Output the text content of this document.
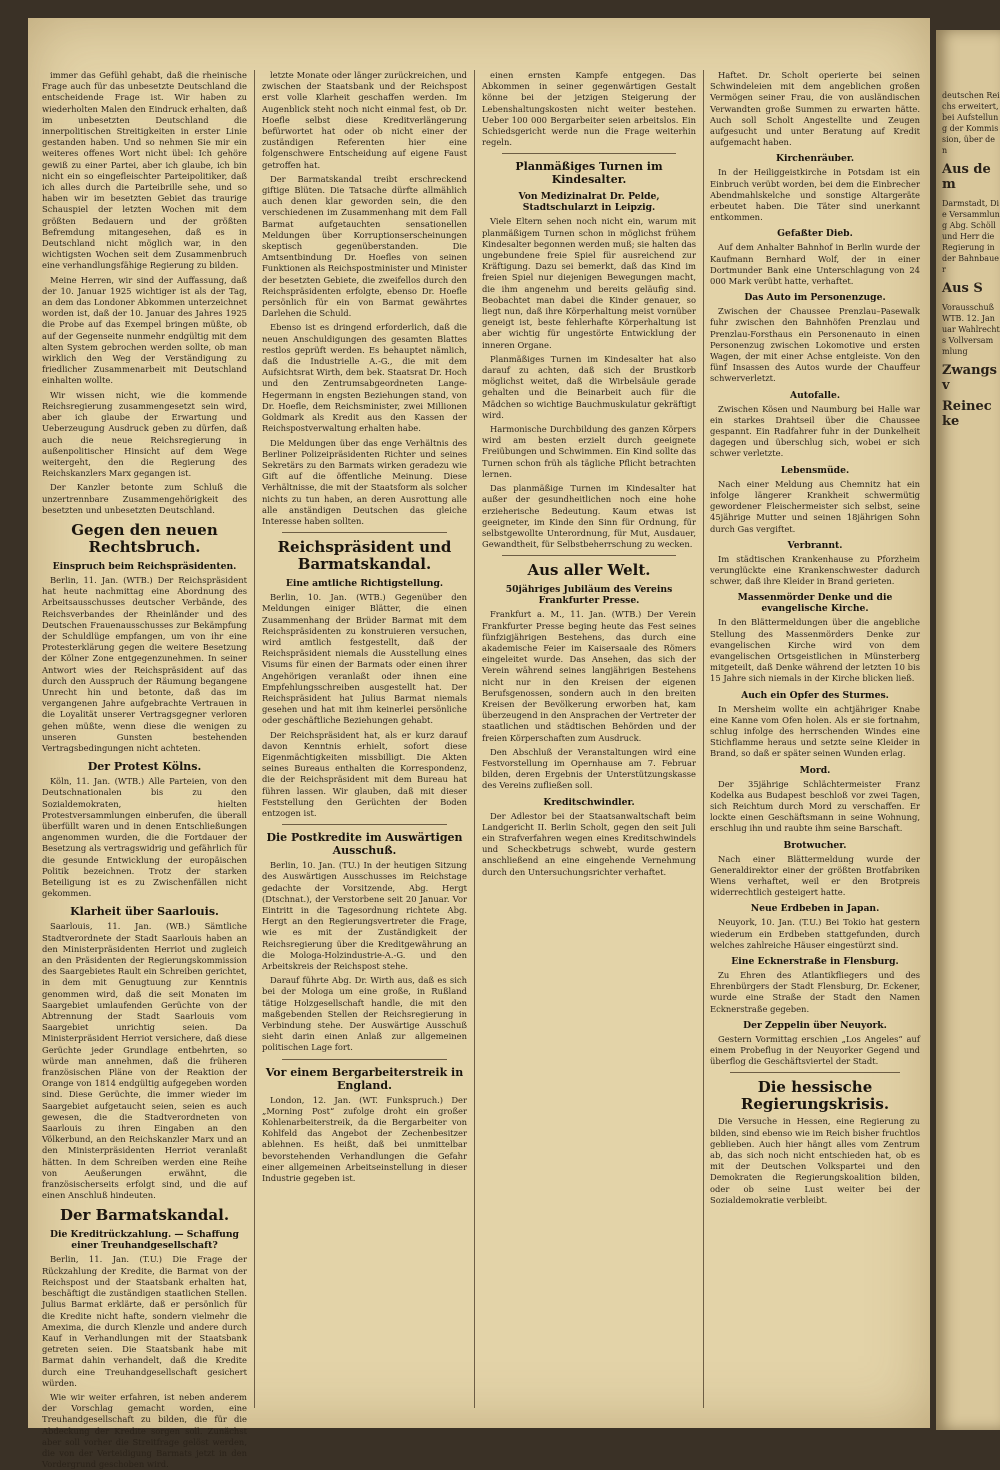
immer das Gefühl gehabt, daß die rheinische Frage auch für das unbesetzte Deutschland die entscheidende Frage ist. Wir haben zu wiederholten Malen den Eindruck erhalten, daß im unbesetzten Deutschland die innerpolitischen Streitigkeiten in erster Linie gestanden haben. Und so nehmen Sie mir ein weiteres offenes Wort nicht übel: Ich gehöre gewiß zu einer Partei, aber ich glaube, ich bin nicht ein so eingefleischter Parteipolitiker, daß ich alles durch die Parteibrille sehe, und so haben wir im besetzten Gebiet das traurige Schauspiel der letzten Wochen mit dem größten Bedauern und der größten Befremdung mitangesehen, daß es in Deutschland nicht möglich war, in den wichtigsten Wochen seit dem Zusammenbruch eine verhandlungsfähige Regierung zu bilden.

Meine Herren, wir sind der Auffassung, daß der 10. Januar 1925 wichtiger ist als der Tag, an dem das Londoner Abkommen unterzeichnet worden ist, daß der 10. Januar des Jahres 1925 die Probe auf das Exempel bringen müßte, ob auf der Gegenseite nunmehr endgültig mit dem alten System gebrochen werden sollte, ob man wirklich den Weg der Verständigung zu friedlicher Zusammenarbeit mit Deutschland einhalten wollte.

Wir wissen nicht, wie die kommende Reichsregierung zusammengesetzt sein wird, aber ich glaube der Erwartung und Ueberzeugung Ausdruck geben zu dürfen, daß auch die neue Reichsregierung in außenpolitischer Hinsicht auf dem Wege weitergeht, den die Regierung des Reichskanzlers Marx gegangen ist.

Der Kanzler betonte zum Schluß die unzertrennbare Zusammengehörigkeit des besetzten und unbesetzten Deutschland.

Gegen den neuen Rechtsbruch.
Einspruch beim Reichspräsidenten.

Berlin, 11. Jan. (WTB.) Der Reichspräsident hat heute nachmittag eine Abordnung des Arbeitsausschusses deutscher Verbände, des Reichsverbandes der Rheinländer und des Deutschen Frauenausschusses zur Bekämpfung der Schuldlüge empfangen, um von ihr eine Protesterklärung gegen die weitere Besetzung der Kölner Zone entgegenzunehmen. In seiner Antwort wies der Reichspräsident auf das durch den Ausspruch der Räumung begangene Unrecht hin und betonte, daß das im vergangenen Jahre aufgebrachte Vertrauen in die Loyalität unserer Vertragsgegner verloren gehen müßte, wenn diese die wenigen zu unseren Gunsten bestehenden Vertragsbedingungen nicht achteten.

Der Protest Kölns.

Köln, 11. Jan. (WTB.) Alle Parteien, von den Deutschnationalen bis zu den Sozialdemokraten, hielten Protestversammlungen einberufen, die überall überfüllt waren und in denen Entschließungen angenommen wurden, die die Fortdauer der Besetzung als vertragswidrig und gefährlich für die gesunde Entwicklung der europäischen Politik bezeichnen. Trotz der starken Beteiligung ist es zu Zwischenfällen nicht gekommen.

Klarheit über Saarlouis.

Saarlouis, 11. Jan. (WB.) Sämtliche Stadtverordnete der Stadt Saarlouis haben an den Ministerpräsidenten Herriot und zugleich an den Präsidenten der Regierungskommission des Saargebietes Rault ein Schreiben gerichtet, in dem mit Genugtuung zur Kenntnis genommen wird, daß die seit Monaten im Saargebiet umlaufenden Gerüchte von der Abtrennung der Stadt Saarlouis vom Saargebiet unrichtig seien. Da Ministerpräsident Herriot versichere, daß diese Gerüchte jeder Grundlage entbehrten, so würde man annehmen, daß die früheren französischen Pläne von der Reaktion der Orange von 1814 endgültig aufgegeben worden sind. Diese Gerüchte, die immer wieder im Saargebiet aufgetaucht seien, seien es auch gewesen, die die Stadtverordneten von Saarlouis zu ihren Eingaben an den Völkerbund, an den Reichskanzler Marx und an den Ministerpräsidenten Herriot veranlaßt hätten. In dem Schreiben werden eine Reihe von Aeußerungen erwähnt, die französischerseits erfolgt sind, und die auf einen Anschluß hindeuten.

Der Barmatskandal.
Die Kreditrückzahlung. — Schaffung einer Treuhandgesellschaft?

Berlin, 11. Jan. (T.U.) Die Frage der Rückzahlung der Kredite, die Barmat von der Reichspost und der Staatsbank erhalten hat, beschäftigt die zuständigen staatlichen Stellen. Julius Barmat erklärte, daß er persönlich für die Kredite nicht hafte, sondern vielmehr die Amexima, die durch Klenzle und andere durch Kauf in Verhandlungen mit der Staatsbank getreten seien. Die Staatsbank habe mit Barmat dahin verhandelt, daß die Kredite durch eine Treuhandgesellschaft gesichert würden.

Wie wir weiter erfahren, ist neben anderem der Vorschlag gemacht worden, eine Treuhandgesellschaft zu bilden, die für die Abdeckung der Kredite sorgen soll. Zunächst aber soll vorher die Streitfrage gelöst werden, die von der Verteidigung Barmats jetzt in den Vordergrund geschoben wird.

letzte Monate oder länger zurückreichen, und zwischen der Staatsbank und der Reichspost erst volle Klarheit geschaffen werden. Im Augenblick steht noch nicht einmal fest, ob Dr. Hoefle selbst diese Kreditverlängerung befürwortet hat oder ob nicht einer der zuständigen Referenten hier eine folgenschwere Entscheidung auf eigene Faust getroffen hat.

Der Barmatskandal treibt erschreckend giftige Blüten. Die Tatsache dürfte allmählich auch denen klar geworden sein, die den verschiedenen im Zusammenhang mit dem Fall Barmat aufgetauchten sensationellen Meldungen über Korruptionserscheinungen skeptisch gegenüberstanden. Die Amtsentbindung Dr. Hoefles von seinen Funktionen als Reichspostminister und Minister der besetzten Gebiete, die zweifellos durch den Reichspräsidenten erfolgte, ebenso Dr. Hoefle persönlich für ein von Barmat gewährtes Darlehen die Schuld.

Ebenso ist es dringend erforderlich, daß die neuen Anschuldigungen des gesamten Blattes restlos geprüft werden. Es behauptet nämlich, daß die Industrielle A.-G., die mit dem Aufsichtsrat Wirth, dem bek. Staatsrat Dr. Hoch und den Zentrumsabgeordneten Lange-Hegermann in engsten Beziehungen stand, von Dr. Hoefle, dem Reichsminister, zwei Millionen Goldmark als Kredit aus den Kassen der Reichspostverwaltung erhalten habe.

Die Meldungen über das enge Verhältnis des Berliner Polizeipräsidenten Richter und seines Sekretärs zu den Barmats wirken geradezu wie Gift auf die öffentliche Meinung. Diese Verhältnisse, die mit der Staatsform als solcher nichts zu tun haben, an deren Ausrottung alle alle anständigen Deutschen das gleiche Interesse haben sollten.

Reichspräsident und Barmatskandal.
Eine amtliche Richtigstellung.

Berlin, 10. Jan. (WTB.) Gegenüber den Meldungen einiger Blätter, die einen Zusammenhang der Brüder Barmat mit dem Reichspräsidenten zu konstruieren versuchen, wird amtlich festgestellt, daß der Reichspräsident niemals die Ausstellung eines Visums für einen der Barmats oder einen ihrer Angehörigen veranlaßt oder ihnen eine Empfehlungsschreiben ausgestellt hat. Der Reichspräsident hat Julius Barmat niemals gesehen und hat mit ihm keinerlei persönliche oder geschäftliche Beziehungen gehabt.

Der Reichspräsident hat, als er kurz darauf davon Kenntnis erhielt, sofort diese Eigenmächtigkeiten missbilligt. Die Akten seines Bureaus enthalten die Korrespondenz, die der Reichspräsident mit dem Bureau hat führen lassen. Wir glauben, daß mit dieser Feststellung den Gerüchten der Boden entzogen ist.

Die Postkredite im Auswärtigen Ausschuß.

Berlin, 10. Jan. (TU.) In der heutigen Sitzung des Auswärtigen Ausschusses im Reichstage gedachte der Vorsitzende, Abg. Hergt (Dtschnat.), der Verstorbene seit 20 Januar. Vor Eintritt in die Tagesordnung richtete Abg. Hergt an den Regierungsvertreter die Frage, wie es mit der Zuständigkeit der Reichsregierung über die Kreditgewährung an die Mologa-Holzindustrie-A.-G. und den Arbeitskreis der Reichspost stehe.

Darauf führte Abg. Dr. Wirth aus, daß es sich bei der Mologa um eine große, in Rußland tätige Holzgesellschaft handle, die mit den maßgebenden Stellen der Reichsregierung in Verbindung stehe. Der Auswärtige Ausschuß sieht darin einen Anlaß zur allgemeinen politischen Lage fort.

Vor einem Bergarbeiterstreik in England.

London, 12. Jan. (WT. Funkspruch.) Der „Morning Post“ zufolge droht ein großer Kohlenarbeiterstreik, da die Bergarbeiter von Kohlfeld das Angebot der Zechenbesitzer ablehnen. Es heißt, daß bei unmittelbar bevorstehenden Verhandlungen die Gefahr einer allgemeinen Arbeitseinstellung in dieser Industrie gegeben ist.

einen ernsten Kampfe entgegen. Das Abkommen in seiner gegenwärtigen Gestalt könne bei der jetzigen Steigerung der Lebenshaltungskosten nicht weiter bestehen. Ueber 100 000 Bergarbeiter seien arbeitslos. Ein Schiedsgericht werde nun die Frage weiterhin regeln.

Planmäßiges Turnen im Kindesalter.
Von Medizinalrat Dr. Pelde, Stadtschularzt in Leipzig.

Viele Eltern sehen noch nicht ein, warum mit planmäßigem Turnen schon in möglichst frühem Kindesalter begonnen werden muß; sie halten das ungebundene freie Spiel für ausreichend zur Kräftigung. Dazu sei bemerkt, daß das Kind im freien Spiel nur diejenigen Bewegungen macht, die ihm angenehm und bereits geläufig sind. Beobachtet man dabei die Kinder genauer, so liegt nun, daß ihre Körperhaltung meist vornüber geneigt ist, beste fehlerhafte Körperhaltung ist aber wichtig für ungestörte Entwicklung der inneren Organe.

Planmäßiges Turnen im Kindesalter hat also darauf zu achten, daß sich der Brustkorb möglichst weitet, daß die Wirbelsäule gerade gehalten und die Beinarbeit auch für die Mädchen so wichtige Bauchmuskulatur gekräftigt wird.

Harmonische Durchbildung des ganzen Körpers wird am besten erzielt durch geeignete Freiübungen und Schwimmen. Ein Kind sollte das Turnen schon früh als tägliche Pflicht betrachten lernen.

Das planmäßige Turnen im Kindesalter hat außer der gesundheitlichen noch eine hohe erzieherische Bedeutung. Kaum etwas ist geeigneter, im Kinde den Sinn für Ordnung, für selbstgewollte Unterordnung, für Mut, Ausdauer, Gewandtheit, für Selbstbeherrschung zu wecken.

Aus aller Welt.
50jähriges Jubiläum des Vereins Frankfurter Presse.

Frankfurt a. M., 11. Jan. (WTB.) Der Verein Frankfurter Presse beging heute das Fest seines fünfzigjährigen Bestehens, das durch eine akademische Feier im Kaisersaale des Römers eingeleitet wurde. Das Ansehen, das sich der Verein während seines langjährigen Bestehens nicht nur in den Kreisen der eigenen Berufsgenossen, sondern auch in den breiten Kreisen der Bevölkerung erworben hat, kam überzeugend in den Ansprachen der Vertreter der staatlichen und städtischen Behörden und der freien Körperschaften zum Ausdruck.

Den Abschluß der Veranstaltungen wird eine Festvorstellung im Opernhause am 7. Februar bilden, deren Ergebnis der Unterstützungskasse des Vereins zufließen soll.

Kreditschwindler.

Der Adlestor bei der Staatsanwaltschaft beim Landgericht II. Berlin Scholt, gegen den seit Juli ein Strafverfahren wegen eines Kreditschwindels und Scheckbetrugs schwebt, wurde gestern anschließend an eine eingehende Vernehmung durch den Untersuchungsrichter verhaftet.

Haftet. Dr. Scholt operierte bei seinen Schwindeleien mit dem angeblichen großen Vermögen seiner Frau, die von ausländischen Verwandten große Summen zu erwarten hätte. Auch soll Scholt Angestellte und Zeugen aufgesucht und unter Beratung auf Kredit aufgemacht haben.

Kirchenräuber.

In der Heiliggeistkirche in Potsdam ist ein Einbruch verübt worden, bei dem die Einbrecher Abendmahlskelche und sonstige Altargeräte erbeutet haben. Die Täter sind unerkannt entkommen.

Gefaßter Dieb.

Auf dem Anhalter Bahnhof in Berlin wurde der Kaufmann Bernhard Wolf, der in einer Dortmunder Bank eine Unterschlagung von 24 000 Mark verübt hatte, verhaftet.

Das Auto im Personenzuge.

Zwischen der Chaussee Prenzlau–Pasewalk fuhr zwischen den Bahnhöfen Prenzlau und Prenzlau-Forsthaus ein Personenauto in einen Personenzug zwischen Lokomotive und ersten Wagen, der mit einer Achse entgleiste. Von den fünf Insassen des Autos wurde der Chauffeur schwerverletzt.

Autofalle.

Zwischen Kösen und Naumburg bei Halle war ein starkes Drahtseil über die Chaussee gespannt. Ein Radfahrer fuhr in der Dunkelheit dagegen und überschlug sich, wobei er sich schwer verletzte.

Lebensmüde.

Nach einer Meldung aus Chemnitz hat ein infolge längerer Krankheit schwermütig gewordener Fleischermeister sich selbst, seine 45jährige Mutter und seinen 18jährigen Sohn durch Gas vergiftet.

Verbrannt.

Im städtischen Krankenhause zu Pforzheim verunglückte eine Krankenschwester dadurch schwer, daß ihre Kleider in Brand gerieten.

Massenmörder Denke und die evangelische Kirche.

In den Blättermeldungen über die angebliche Stellung des Massenmörders Denke zur evangelischen Kirche wird von dem evangelischen Ortsgeistlichen in Münsterberg mitgeteilt, daß Denke während der letzten 10 bis 15 Jahre sich niemals in der Kirche blicken ließ.

Auch ein Opfer des Sturmes.

In Mersheim wollte ein achtjähriger Knabe eine Kanne vom Ofen holen. Als er sie fortnahm, schlug infolge des herrschenden Windes eine Stichflamme heraus und setzte seine Kleider in Brand, so daß er später seinen Wunden erlag.

Mord.

Der 35jährige Schlächtermeister Franz Kodelka aus Budapest beschloß vor zwei Tagen, sich Reichtum durch Mord zu verschaffen. Er lockte einen Geschäftsmann in seine Wohnung, erschlug ihn und raubte ihm seine Barschaft.

Brotwucher.

Nach einer Blättermeldung wurde der Generaldirektor einer der größten Brotfabriken Wiens verhaftet, weil er den Brotpreis widerrechtlich gesteigert hatte.

Neue Erdbeben in Japan.

Neuyork, 10. Jan. (T.U.) Bei Tokio hat gestern wiederum ein Erdbeben stattgefunden, durch welches zahlreiche Häuser eingestürzt sind.

Eine Ecknerstraße in Flensburg.

Zu Ehren des Atlantikfliegers und des Ehrenbürgers der Stadt Flensburg, Dr. Eckener, wurde eine Straße der Stadt den Namen Ecknerstraße gegeben.

Der Zeppelin über Neuyork.

Gestern Vormittag erschien „Los Angeles“ auf einem Probeflug in der Neuyorker Gegend und überflog die Geschäftsviertel der Stadt.

Die hessische Regierungskrisis.

Die Versuche in Hessen, eine Regierung zu bilden, sind ebenso wie im Reich bisher fruchtlos geblieben. Auch hier hängt alles vom Zentrum ab, das sich noch nicht entschieden hat, ob es mit der Deutschen Volkspartei und den Demokraten die Regierungskoalition bilden, oder ob seine Lust weiter bei der Sozialdemokratie verbleibt.

deutschen Reichs erweitert, bei Aufstellung der Kommission, über den
Aus dem
Darmstadt, Die Versammlung Abg. Schöll und Herr die Regierung in der Bahnbauer
Aus S
Vorausschuß WTB. 12. Januar Wahlrechts Vollversammlung
Zwangsv
Reinecke
